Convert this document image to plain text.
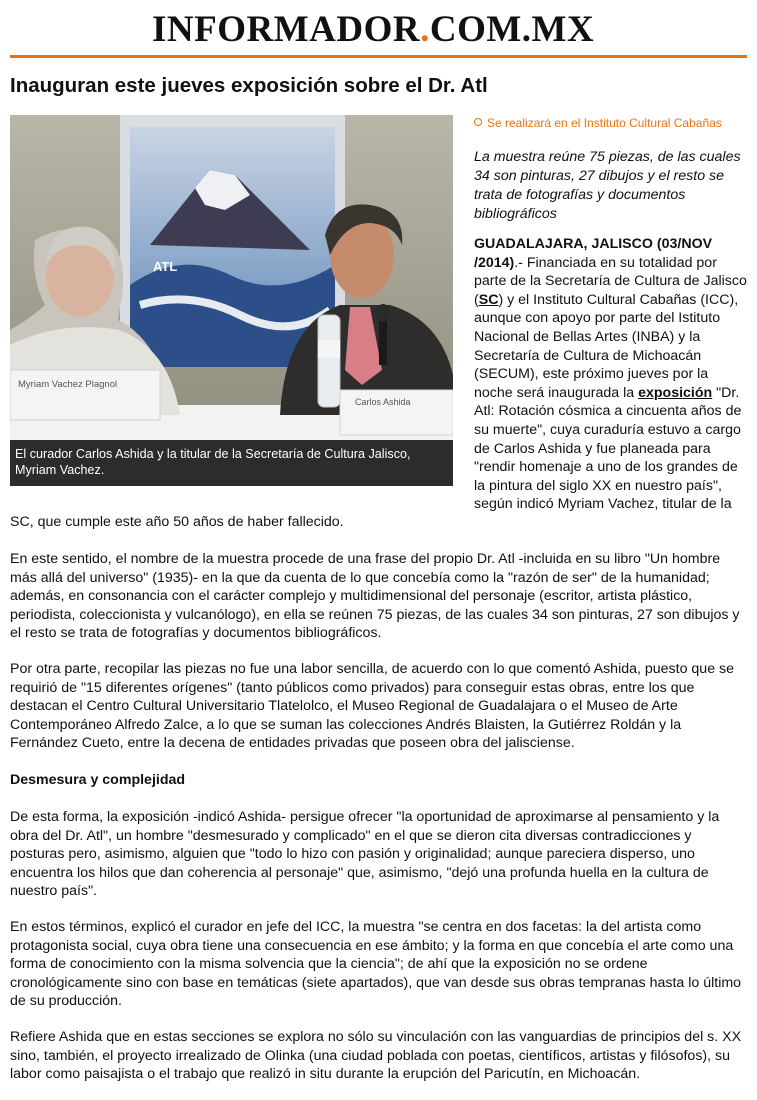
INFORMADOR.COM.MX
Inauguran este jueves exposición sobre el Dr. Atl
ATL
Myriam Vachez Plagnol
Carlos Ashida
El curador Carlos Ashida y la titular de la Secretaría de Cultura Jalisco, Myriam Vachez.
Se realizará en el Instituto Cultural Cabañas
La muestra reúne 75 piezas, de las cuales 34 son pinturas, 27 dibujos y el resto se trata de fotografías y documentos bibliográficos
GUADALAJARA, JALISCO (03/NOV /2014).- Financiada en su totalidad por parte de la Secretaría de Cultura de Jalisco (SC) y el Instituto Cultural Cabañas (ICC), aunque con apoyo por parte del Istituto Nacional de Bellas Artes (INBA) y la Secretaría de Cultura de Michoacán (SECUM), este próximo jueves por la noche será inaugurada la exposición "Dr. Atl: Rotación cósmica a cincuenta años de su muerte", cuya curaduría estuvo a cargo de Carlos Ashida y fue planeada para "rendir homenaje a uno de los grandes de la pintura del siglo XX en nuestro país", según indicó Myriam Vachez, titular de la

SC, que cumple este año 50 años de haber fallecido.

En este sentido, el nombre de la muestra procede de una frase del propio Dr. Atl -incluida en su libro "Un hombre más allá del universo" (1935)- en la que da cuenta de lo que concebía como la "razón de ser" de la humanidad; además, en consonancia con el carácter complejo y multidimensional del personaje (escritor, artista plástico, periodista, coleccionista y vulcanólogo), en ella se reúnen 75 piezas, de las cuales 34 son pinturas, 27 son dibujos y el resto se trata de fotografías y documentos bibliográficos.

Por otra parte, recopilar las piezas no fue una labor sencilla, de acuerdo con lo que comentó Ashida, puesto que se requirió de "15 diferentes orígenes" (tanto públicos como privados) para conseguir estas obras, entre los que destacan el Centro Cultural Universitario Tlatelolco, el Museo Regional de Guadalajara o el Museo de Arte Contemporáneo Alfredo Zalce, a lo que se suman las colecciones Andrés Blaisten, la Gutiérrez Roldán y la Fernández Cueto, entre la decena de entidades privadas que poseen obra del jalisciense.

Desmesura y complejidad

De esta forma, la exposición -indicó Ashida- persigue ofrecer "la oportunidad de aproximarse al pensamiento y la obra del Dr. Atl", un hombre "desmesurado y complicado" en el que se dieron cita diversas contradicciones y posturas pero, asimismo, alguien que "todo lo hizo con pasión y originalidad; aunque pareciera disperso, uno encuentra los hilos que dan coherencia al personaje" que, asimismo, "dejó una profunda huella en la cultura de nuestro país".

En estos términos, explicó el curador en jefe del ICC, la muestra "se centra en dos facetas: la del artista como protagonista social, cuya obra tiene una consecuencia en ese ámbito; y la forma en que concebía el arte como una forma de conocimiento con la misma solvencia que la ciencia"; de ahí que la exposición no se ordene cronológicamente sino con base en temáticas (siete apartados), que van desde sus obras tempranas hasta lo último de su producción.

Refiere Ashida que en estas secciones se explora no sólo su vinculación con las vanguardias de principios del s. XX sino, también, el proyecto irrealizado de Olinka (una ciudad poblada con poetas, científicos, artistas y filósofos), su labor como paisajista o el trabajo que realizó in situ durante la erupción del Paricutín, en Michoacán.
